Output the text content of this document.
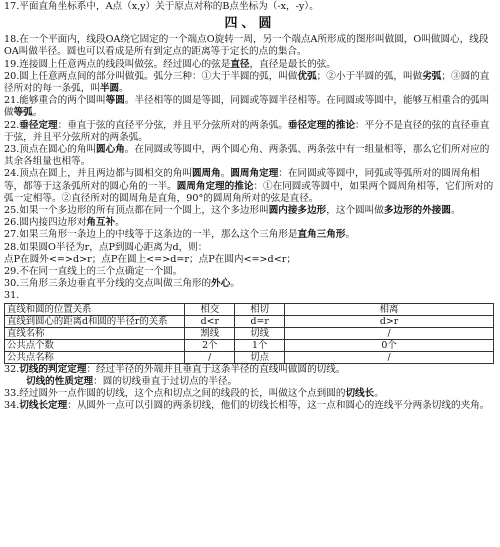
17.平面直角坐标系中，A点（x,y）关于原点对称的B点坐标为（-x，-y）。

四、圆

18.在一个平面内，线段OA绕它固定的一个端点O旋转一周，另一个端点A所形成的图形叫做圆，O叫做圆心，线段OA叫做半径。圆也可以看成是所有到定点的距离等于定长的点的集合。

19.连接圆上任意两点的线段叫做弦。经过圆心的弦是直径，直径是最长的弦。

20.圆上任意两点间的部分叫做弧。弧分三种：①大于半圆的弧，叫做优弧；②小于半圆的弧，叫做劣弧；③圆的直径所对的每一条弧，叫半圆。

21.能够重合的两个圆叫等圆。半径相等的圆是等圆，同圆或等圆半径相等。在同圆或等圆中，能够互相重合的弧叫做等弧。

22.垂径定理：垂直于弦的直径平分弦，并且平分弦所对的两条弧。垂径定理的推论：平分不是直径的弦的直径垂直于弦，并且平分弦所对的两条弧。

23.顶点在圆心的角叫圆心角。在同圆或等圆中，两个圆心角、两条弧、两条弦中有一组量相等，那么它们所对应的其余各组量也相等。

24.顶点在圆上，并且两边都与圆相交的角叫圆周角。圆周角定理：在同圆或等圆中，同弧或等弧所对的圆周角相等，都等于这条弧所对的圆心角的一半。圆周角定理的推论：①在同圆或等圆中，如果两个圆周角相等，它们所对的弧一定相等。②直径所对的圆周角是直角，90°的圆周角所对的弦是直径。

25.如果一个多边形的所有顶点都在同一个圆上，这个多边形叫圆内接多边形，这个圆叫做多边形的外接圆。

26.圆内接四边形对角互补。

27.如果三角形一条边上的中线等于这条边的一半，那么这个三角形是直角三角形。

28.如果圆O半径为r，点P到圆心距离为d，则：

点P在圆外<=>d>r；点P在圆上<=>d=r；点P在圆内<=>d<r；

29.不在同一直线上的三个点确定一个圆。

30.三角形三条边垂直平分线的交点叫做三角形的外心。

31.

直线和圆的位置关系	相交	相切	相离
直线到圆心的距离d和圆的半径r的关系	d<r	d=r	d>r
直线名称	割线	切线	/
公共点个数	2个	1个	0个
公共点名称	/	切点	/

32.切线的判定定理：经过半径的外端并且垂直于这条半径的直线叫做圆的切线。

切线的性质定理：圆的切线垂直于过切点的半径。

33.经过圆外一点作圆的切线，这个点和切点之间的线段的长，叫做这个点到圆的切线长。

34.切线长定理：从圆外一点可以引圆的两条切线，他们的切线长相等，这一点和圆心的连线平分两条切线的夹角。
